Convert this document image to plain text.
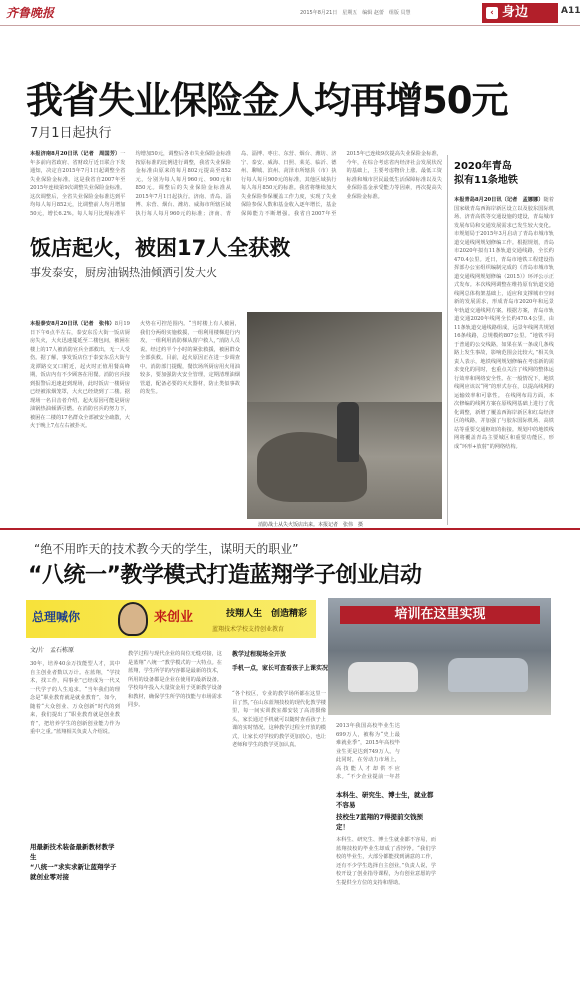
齐鲁晚报	2015年8月21日　星期五　编辑 赵蕾　组版 员慧	‹ 身边	A11
我省失业保险金人均再增50元
7月1日起执行
本报济南8月20日讯（记者　周国芳）一年多前向省政府、省财政厅近日联合下发通知，决定自2015年7月1日起调整全省失业保险金标准。这是我省自2007年至2015年连续第9次调整失业保险金标准。这次调整后，全省失业保险金标准达到平均每人每月852元，比调整前人均月增加50元，增长6.2%。每人每月比现标准平均增加50元，调整后各市失业保险金标准按原标准的比例进行调整，我省失业保险金标准由原来的每月802元提高至852元，分别为每人每月960元、900元和850元。调整后的失业保险金标准从2015年7月1日起执行。济南、青岛、淄博、东营、烟台、潍坊、威海市所辖区域执行每人每月960元的标准；济南、青岛、淄博、枣庄、东营、烟台、潍坊、济宁、泰安、威海、日照、莱芜、临沂、德州、聊城、滨州、菏泽市所辖县（市）执行每人每月900元的标准，其他区域执行每人每月850元的标准。我省将继续加大失业保险参保覆盖工作力度，实现了失业保险参保人数和基金收入逐年增长，基金保障能力不断增强。我省自2007年至2015年已连续9次提高失业保险金标准，今年，在综合考虑省内经济社会发展状况的基础上，主要考虑物价上涨、最低工资标准和城市居民最低生活保障标准以及失业保险基金承受能力等因素，再次提高失业保险金标准。
2020年青岛
拟有11条地铁
本报青岛8月20日讯（记者　孟娜娜）随着国家级青岛西海岸新区设立以及胶东国际机场、济青高铁等交通设施的建设，青岛城市发展布局和交通发展需求已发生较大变化。市规划局于2015年3月启动了青岛市城市轨道交通线网规划修编工作。根据规划，青岛市2020年拟有11条轨道交通线路，全长约470.4公里。近日，青岛市地铁工程建设指挥部办公室组织编制完成的《青岛市城市轨道交通线网规划修编（2015）》环评公示正式发布。本次线网调整在维持原有轨道交通线网总体构架基础上，适应和支撑城市空间新的发展需求，形成青岛市2020年和远景年轨道交通线网方案。根据方案，青岛市轨道交通2020年线网全长约470.4公里，由11条轨道交通线路组成，远景年线网共规划16条线路，总规模约807公里。“地铁不同于普通的公交线路，如果在某一条或几条线路上发生事故，影响范围会比较大，”相关负责人表示，地铁线网规划修编在考虑新的需求变化的同时，也重点关注了线网的整体运行效率和网络安全性。在一般情况下，地铁线网应该以“网”的形式存在，以提高线网的运输效率和可靠性。 在线网布局方面，本次修编的线网方案在原线网基础上进行了优化调整，新增了覆盖西海岸新区和红岛经济区的线路，并加强了与胶东国际机场、高铁站等重要交通枢纽的衔接。规划中的地铁线网将覆盖青岛主要城区和重要功能区，形成“环形+放射”的网络结构。
饭店起火，被困17人全获救
事发泰安，厨房油锅热油倾洒引发大火
本报泰安8月20日讯（记者　张伟）8月19日下午6点半左右，泰安东岳大街一饭店厨房失火，大火迅速蔓延至二楼包间，被困在楼上的17人被消防官兵全部救出，无一人受伤。据了解，事发饭店位于泰安东岳大街与龙潭路交叉口附近，起火时正值用餐高峰期，饭店内有不少顾客在用餐。消防官兵接到报警后迅速赶到现场，此时饭店一楼厨房已经被浓烟笼罩，大火已经烧到了二楼。据现场一名目击者介绍，起火原因可能是厨房油锅热油倾洒引燃。在消防官兵的努力下，被困在二楼的17名群众全部被安全疏散，大火于晚上7点左右被扑灭。
火势在可控范围内。“当时楼上有人被困，我们分两组实施救援，一组利用楼梯进行内攻，一组利用消防梯从窗户救人，”消防人员说。经过约半个小时的紧张救援，被困群众全部获救。目前，起火原因正在进一步调查中。消防部门提醒，餐饮场所厨房用火用油较多，要加强防火安全管理，定期清理油烟管道，配备必要的灭火器材，防止类似事故的发生。
消防战士从失火饭店出来。本报记者　张伟　摄
“绝不用昨天的技术教今天的学生，谋明天的职业”
“八统一”教学模式打造蓝翔学子创业启动
总理喊你	来创业	技翔人生　创造精彩
蓝翔技术学校支持创业教育
培训在这里实现
文/片　孟石栋原
30年，培养40余万技能型人才，其中自主创业者数以万计。在蓝翔，“学技术，找工作，闯事业”已经成为一代又一代学子的人生追求。“当年我们的理念是“职业教育就是就业教育”，如今，随着“大众创业、万众创新”时代的到来，我们提出了“职业教育就是创业教育”，把培养学生的创新创业能力作为重中之重。”蓝翔相关负责人介绍说。
用最新技术装备最新教材教学生
“八统一”求实求新让蓝翔学子就创业零对接
教学过程与现代企业的岗位无缝对接，这是蓝翔“八统一”教学模式的一大特点。在蓝翔，学生所学的内容都是最新的技术，所用的设备都是企业在使用的最新设备。学校每年投入大量资金用于更新教学设备和教材，确保学生所学的技能与市场需求同步。
教学过程现场全开放
手机一点，家长可查看孩子上课实况
“各个校区，专业的教学场所都在这里一目了然，”在山东蓝翔技校的现代化教学楼里，每一间实训教室都安装了高清摄像头，家长通过手机就可以随时查看孩子上课的实时情况。这种教学过程全开放的模式，让家长对学校的教学更加放心，也让老师和学生的教学更加认真。
2013年我国高校毕业生达699万人，被称为“史上最难就业季”，2015年高校毕业生更是达到749万人。与此同时，在劳动力市场上，高技能人才却供不应求。“不少企业提前一年甚
本科生、研究生、博士生，就业都不容易
技校生7蓝翔的7得提前交钱预定！
本科生、研究生、博士生就业都不容易，而蓝翔技校的毕业生却成了香饽饽。“我们学校的毕业生，大部分都能找到满意的工作，还有不少学生选择自主创业，”负责人说，学校开设了创业指导课程，为有创业意愿的学生提供全方位的支持和帮助。
